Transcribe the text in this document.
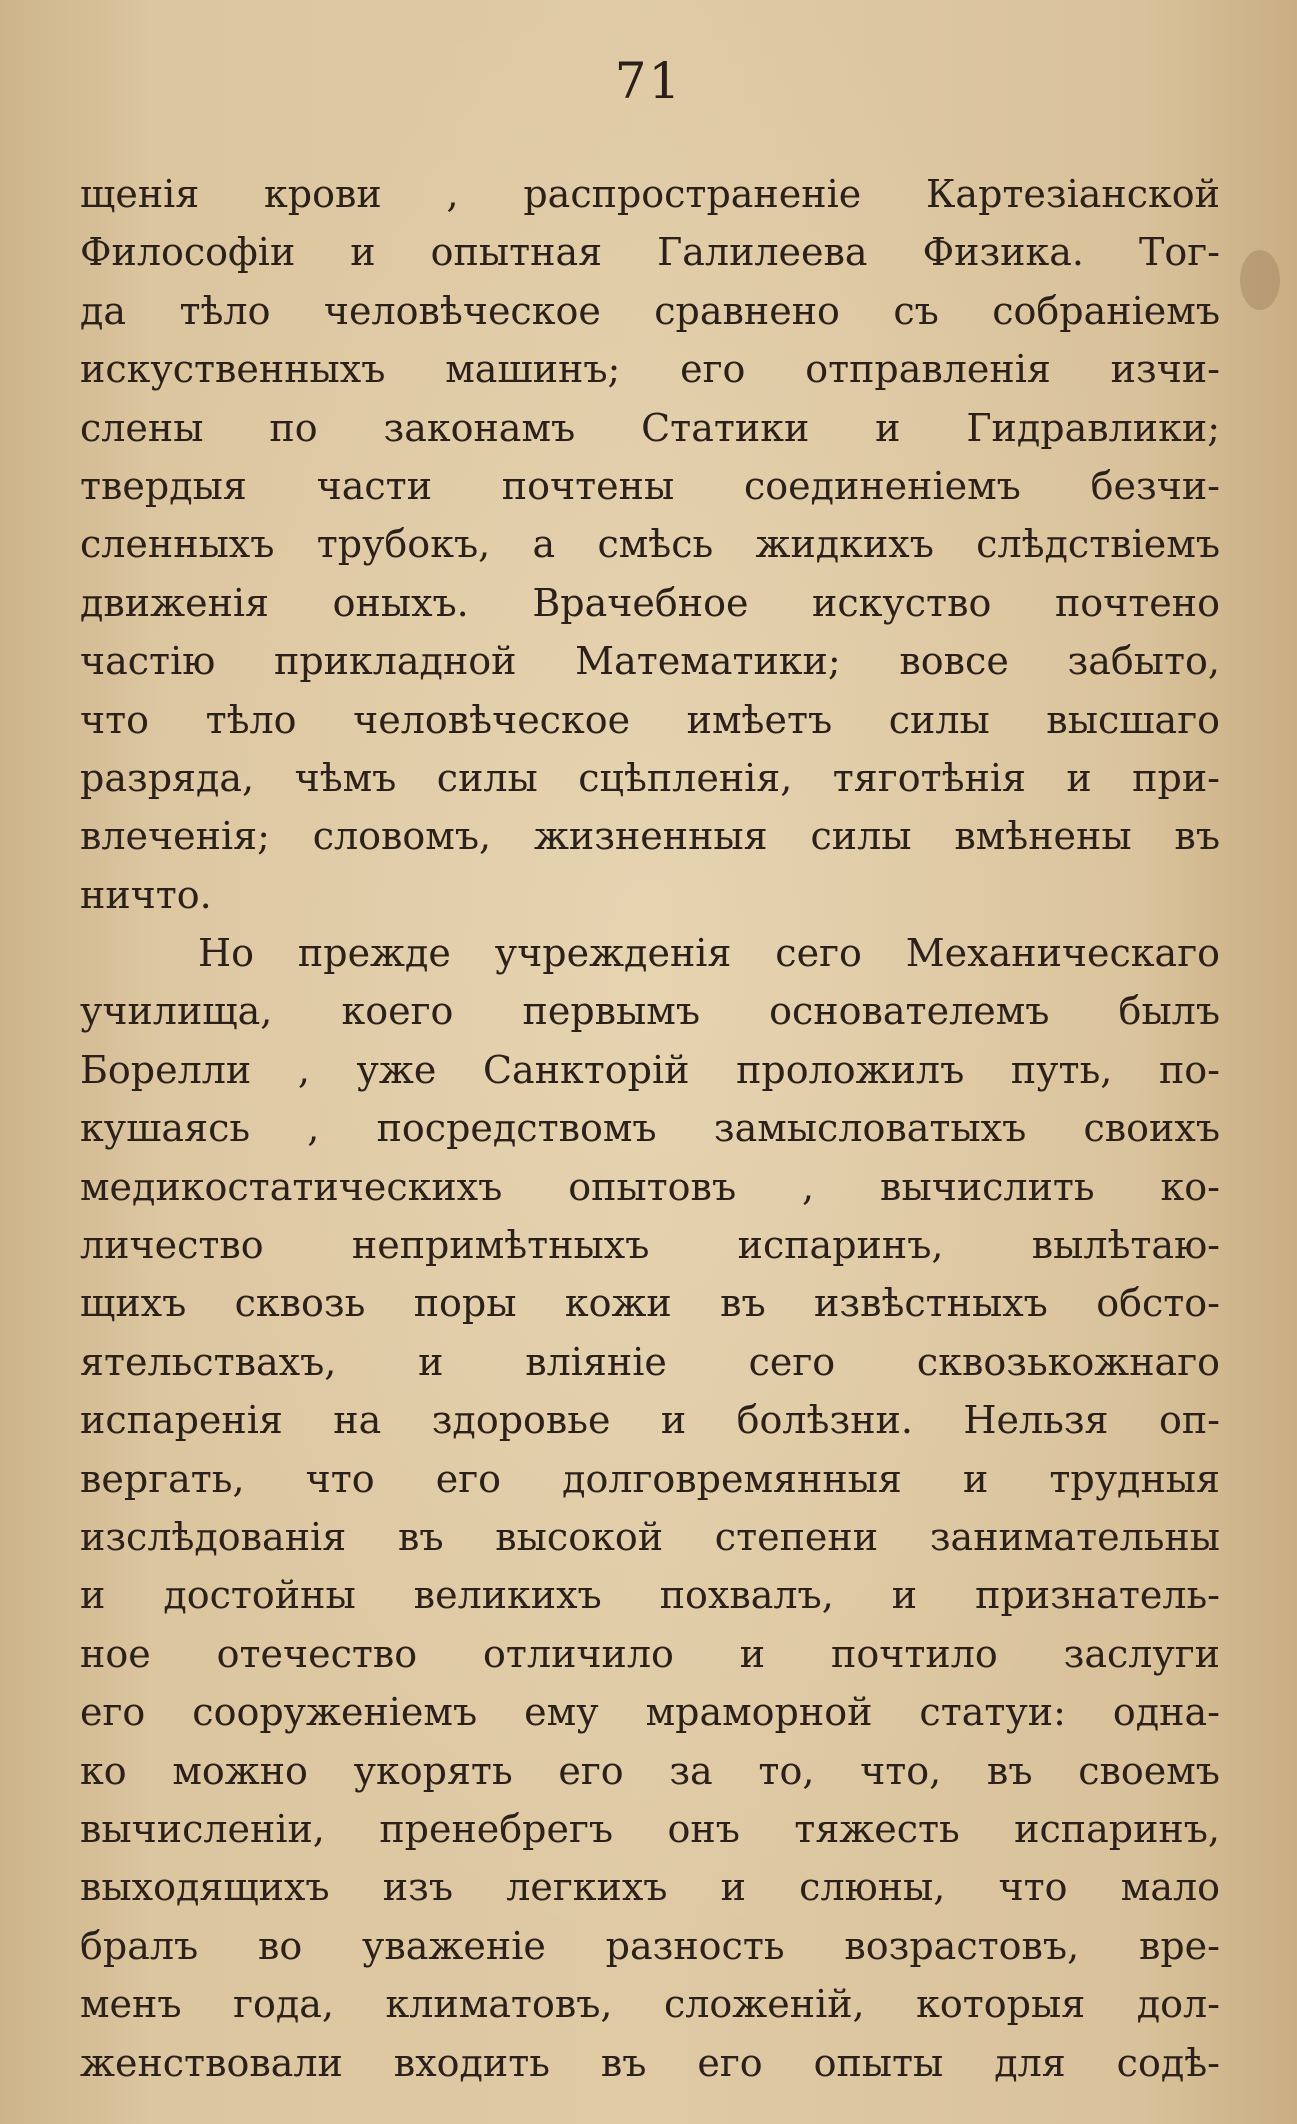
71
щенія крови , распространеніе Картезіанской
Философіи и опытная Галилеева Физика. Тог-
да тѣло человѣческое сравнено съ собраніемъ
искуственныхъ машинъ; его отправленія изчи-
слены по законамъ Статики и Гидравлики;
твердыя части почтены соединеніемъ безчи-
сленныхъ трубокъ, а смѣсь жидкихъ слѣдствіемъ
движенія оныхъ. Врачебное искуство почтено
частію прикладной Математики; вовсе забыто,
что тѣло человѣческое имѣетъ силы высшаго
разряда, чѣмъ силы сцѣпленія, тяготѣнія и при-
влеченія; словомъ, жизненныя силы вмѣнены въ
ничто.
Но прежде учрежденія сего Механическаго
училища, коего первымъ основателемъ былъ
Борелли , уже Санкторій проложилъ путь, по-
кушаясь , посредствомъ замысловатыхъ своихъ
медикостатическихъ опытовъ , вычислить ко-
личество непримѣтныхъ испаринъ, вылѣтаю-
щихъ сквозь поры кожи въ извѣстныхъ обсто-
ятельствахъ, и вліяніе сего сквозькожнаго
испаренія на здоровье и болѣзни. Нельзя оп-
вергать, что его долговремянныя и трудныя
изслѣдованія въ высокой степени занимательны
и достойны великихъ похвалъ, и признатель-
ное отечество отличило и почтило заслуги
его сооруженіемъ ему мраморной статуи: одна-
ко можно укорять его за то, что, въ своемъ
вычисленіи, пренебрегъ онъ тяжесть испаринъ,
выходящихъ изъ легкихъ и слюны, что мало
бралъ во уваженіе разность возрастовъ, вре-
менъ года, климатовъ, сложеній, которыя дол-
женствовали входить въ его опыты для содѣ-
